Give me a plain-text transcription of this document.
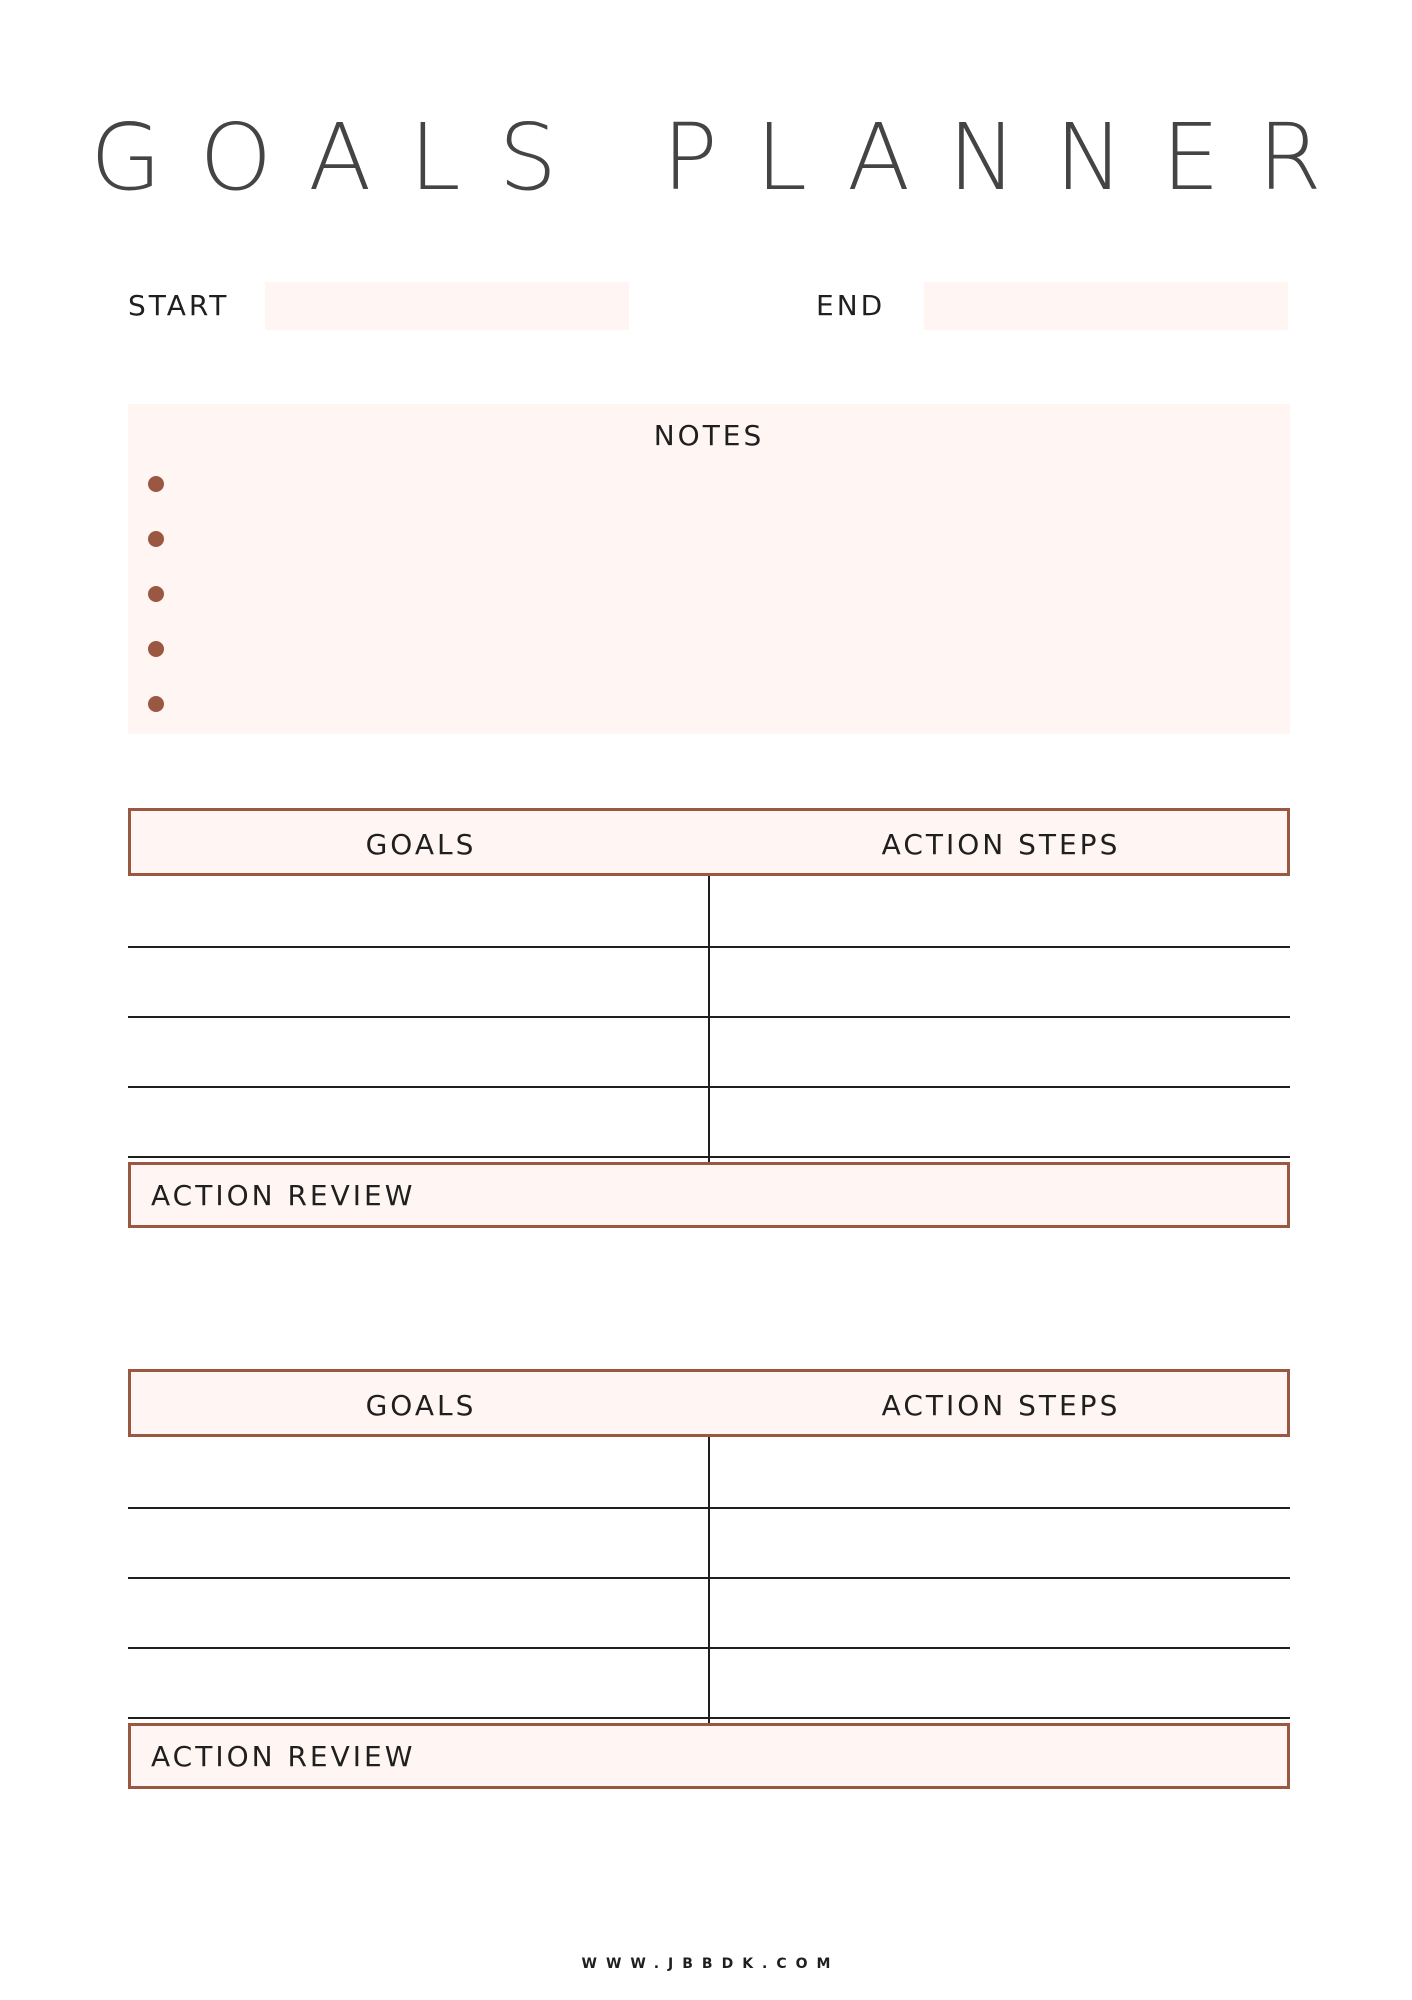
GOALS PLANNER
START	END
NOTES
GOALS	ACTION STEPS
ACTION REVIEW
GOALS	ACTION STEPS
ACTION REVIEW
WWW.JBBDK.COM
